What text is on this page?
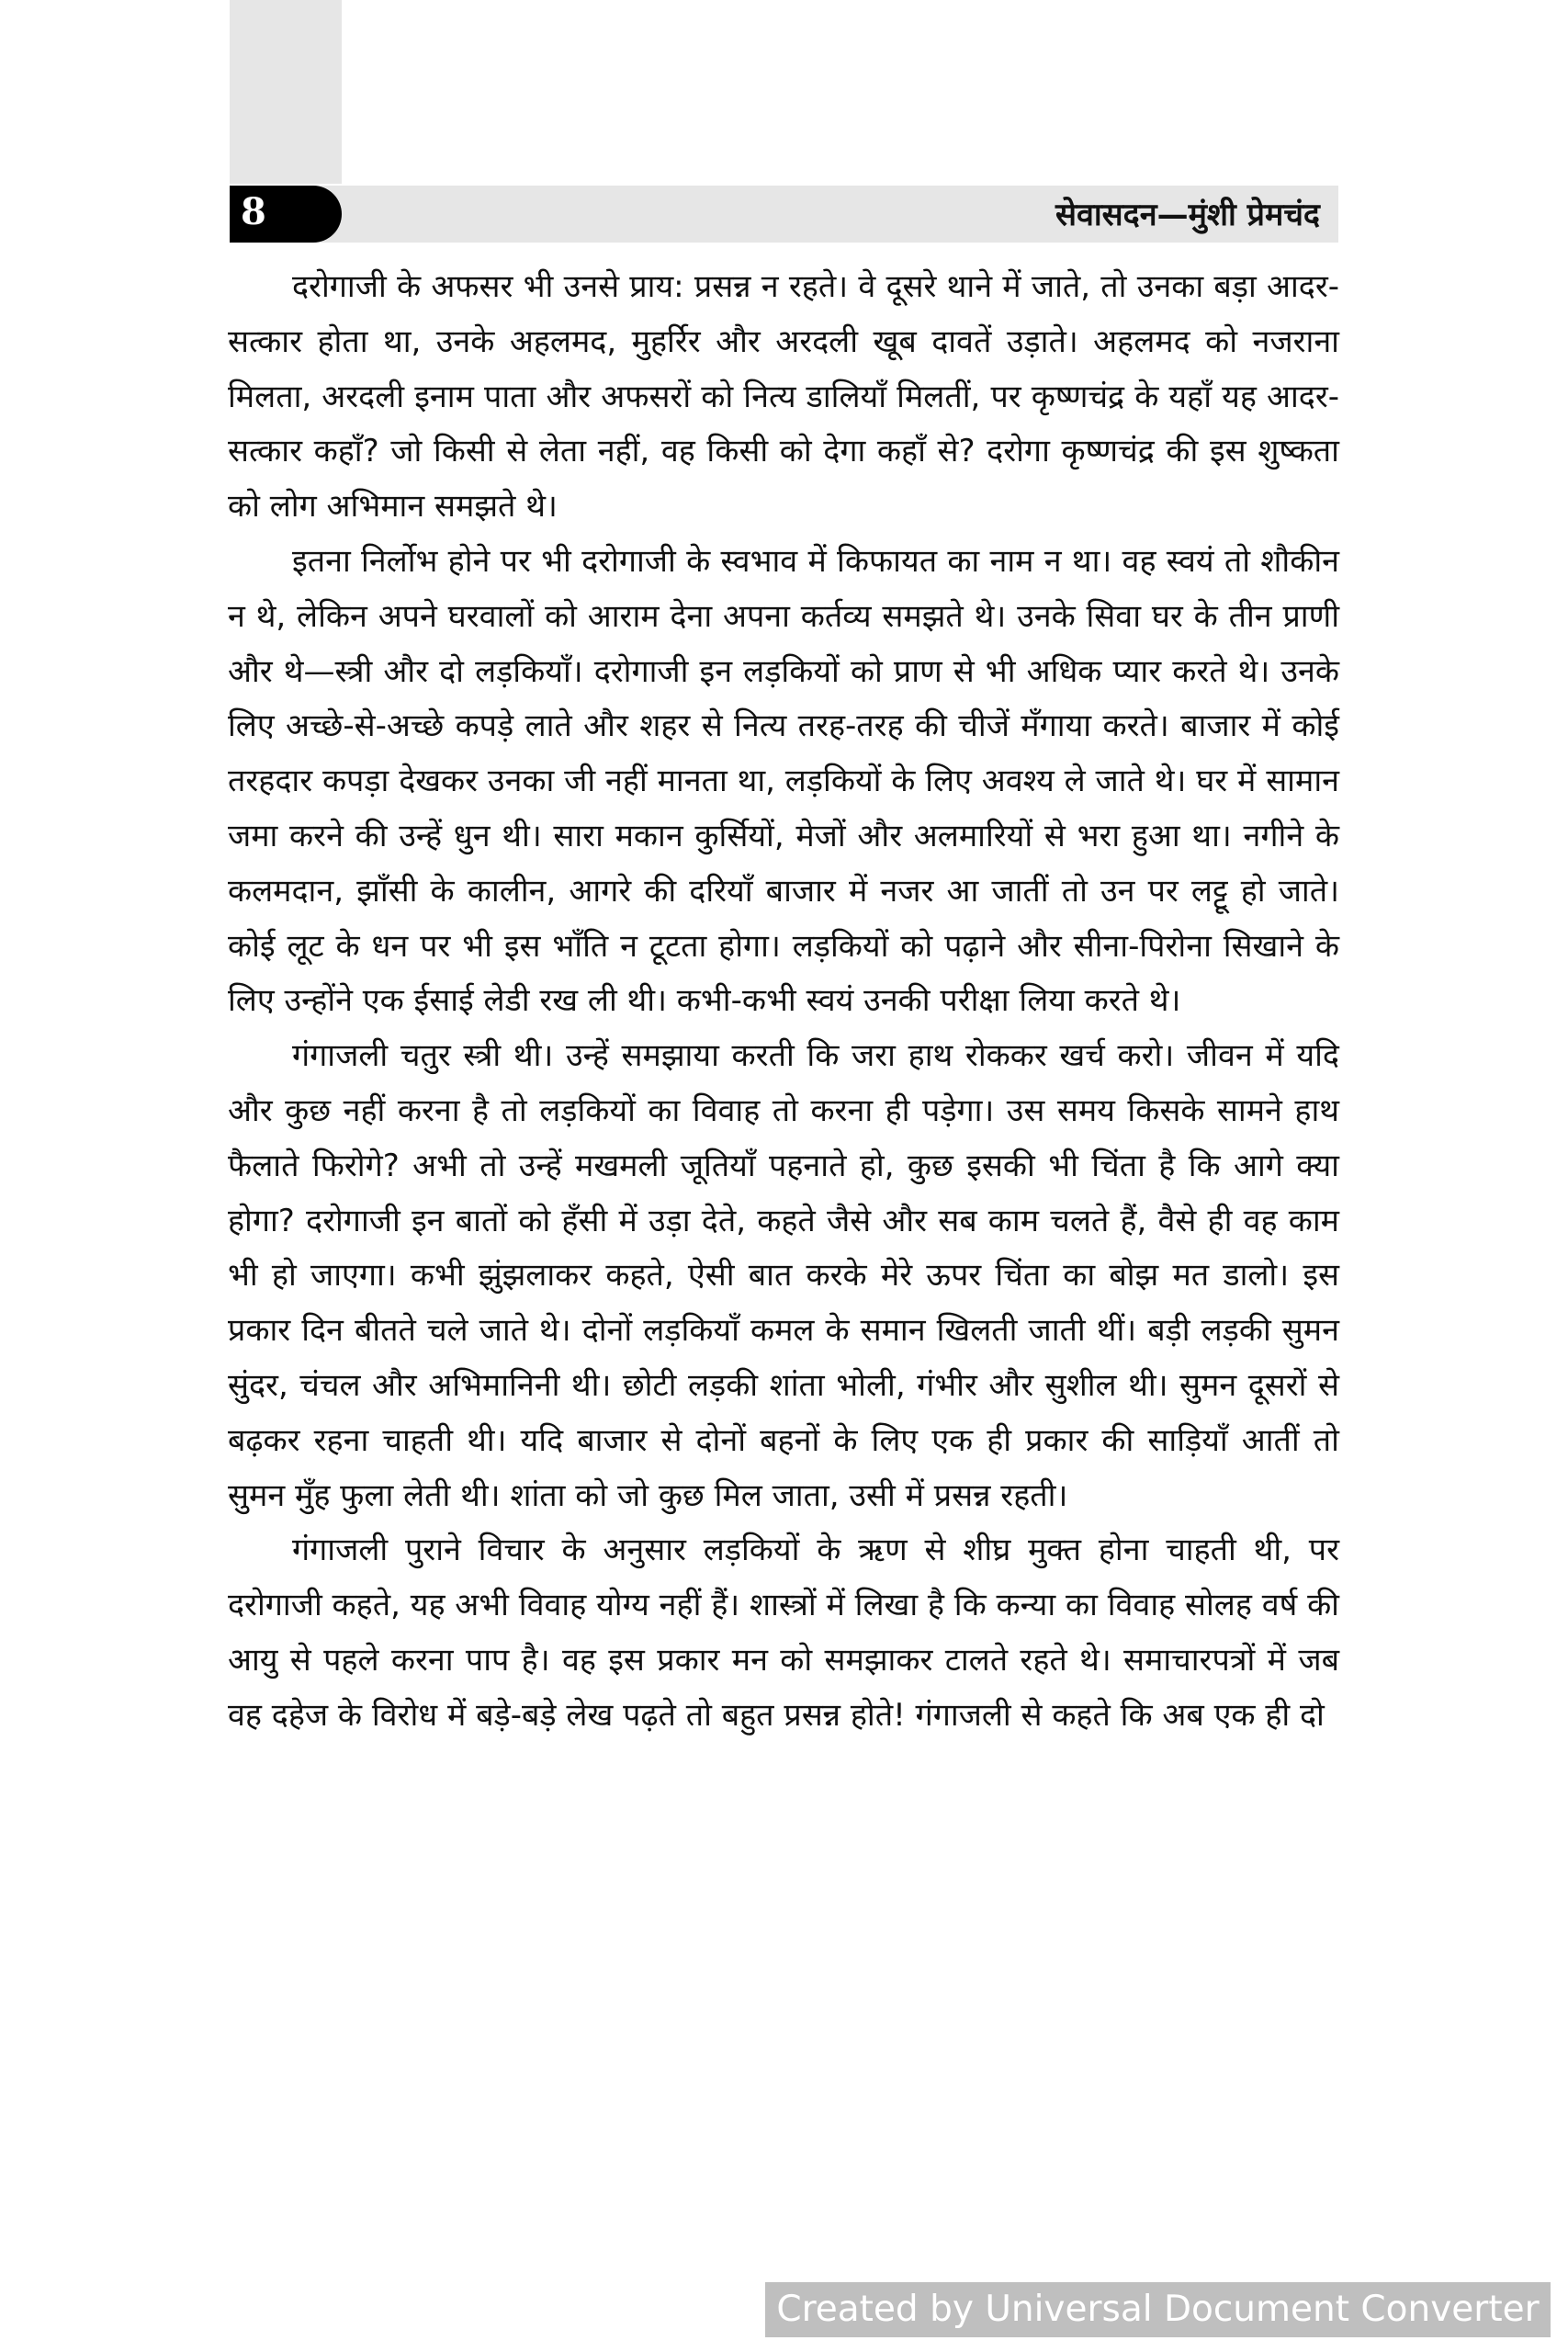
8	सेवासदन—मुंशी प्रेमचंद

दरोगाजी के अफसर भी उनसे प्राय: प्रसन्न न रहते। वे दूसरे थाने में जाते, तो उनका बड़ा आदर-सत्कार होता था, उनके अहलमद, मुहर्रिर और अरदली खूब दावतें उड़ाते। अहलमद को नजराना मिलता, अरदली इनाम पाता और अफसरों को नित्य डालियाँ मिलतीं, पर कृष्णचंद्र के यहाँ यह आदर-सत्कार कहाँ? जो किसी से लेता नहीं, वह किसी को देगा कहाँ से? दरोगा कृष्णचंद्र की इस शुष्कता को लोग अभिमान समझते थे।

इतना निर्लोभ होने पर भी दरोगाजी के स्वभाव में किफायत का नाम न था। वह स्वयं तो शौकीन न थे, लेकिन अपने घरवालों को आराम देना अपना कर्तव्य समझते थे। उनके सिवा घर के तीन प्राणी और थे—स्त्री और दो लड़कियाँ। दरोगाजी इन लड़कियों को प्राण से भी अधिक प्यार करते थे। उनके लिए अच्छे-से-अच्छे कपड़े लाते और शहर से नित्य तरह-तरह की चीजें मँगाया करते। बाजार में कोई तरहदार कपड़ा देखकर उनका जी नहीं मानता था, लड़कियों के लिए अवश्य ले जाते थे। घर में सामान जमा करने की उन्हें धुन थी। सारा मकान कुर्सियों, मेजों और अलमारियों से भरा हुआ था। नगीने के कलमदान, झाँसी के कालीन, आगरे की दरियाँ बाजार में नजर आ जातीं तो उन पर लट्टू हो जाते। कोई लूट के धन पर भी इस भाँति न टूटता होगा। लड़कियों को पढ़ाने और सीना-पिरोना सिखाने के लिए उन्होंने एक ईसाई लेडी रख ली थी। कभी-कभी स्वयं उनकी परीक्षा लिया करते थे।

गंगाजली चतुर स्त्री थी। उन्हें समझाया करती कि जरा हाथ रोककर खर्च करो। जीवन में यदि और कुछ नहीं करना है तो लड़कियों का विवाह तो करना ही पड़ेगा। उस समय किसके सामने हाथ फैलाते फिरोगे? अभी तो उन्हें मखमली जूतियाँ पहनाते हो, कुछ इसकी भी चिंता है कि आगे क्या होगा? दरोगाजी इन बातों को हँसी में उड़ा देते, कहते जैसे और सब काम चलते हैं, वैसे ही वह काम भी हो जाएगा। कभी झुंझलाकर कहते, ऐसी बात करके मेरे ऊपर चिंता का बोझ मत डालो। इस प्रकार दिन बीतते चले जाते थे। दोनों लड़कियाँ कमल के समान खिलती जाती थीं। बड़ी लड़की सुमन सुंदर, चंचल और अभिमानिनी थी। छोटी लड़की शांता भोली, गंभीर और सुशील थी। सुमन दूसरों से बढ़कर रहना चाहती थी। यदि बाजार से दोनों बहनों के लिए एक ही प्रकार की साड़ियाँ आतीं तो सुमन मुँह फुला लेती थी। शांता को जो कुछ मिल जाता, उसी में प्रसन्न रहती।

गंगाजली पुराने विचार के अनुसार लड़कियों के ऋण से शीघ्र मुक्त होना चाहती थी, पर दरोगाजी कहते, यह अभी विवाह योग्य नहीं हैं। शास्त्रों में लिखा है कि कन्या का विवाह सोलह वर्ष की आयु से पहले करना पाप है। वह इस प्रकार मन को समझाकर टालते रहते थे। समाचारपत्रों में जब वह दहेज के विरोध में बड़े-बड़े लेख पढ़ते तो बहुत प्रसन्न होते! गंगाजली से कहते कि अब एक ही दो

Created by Universal Document Converter
